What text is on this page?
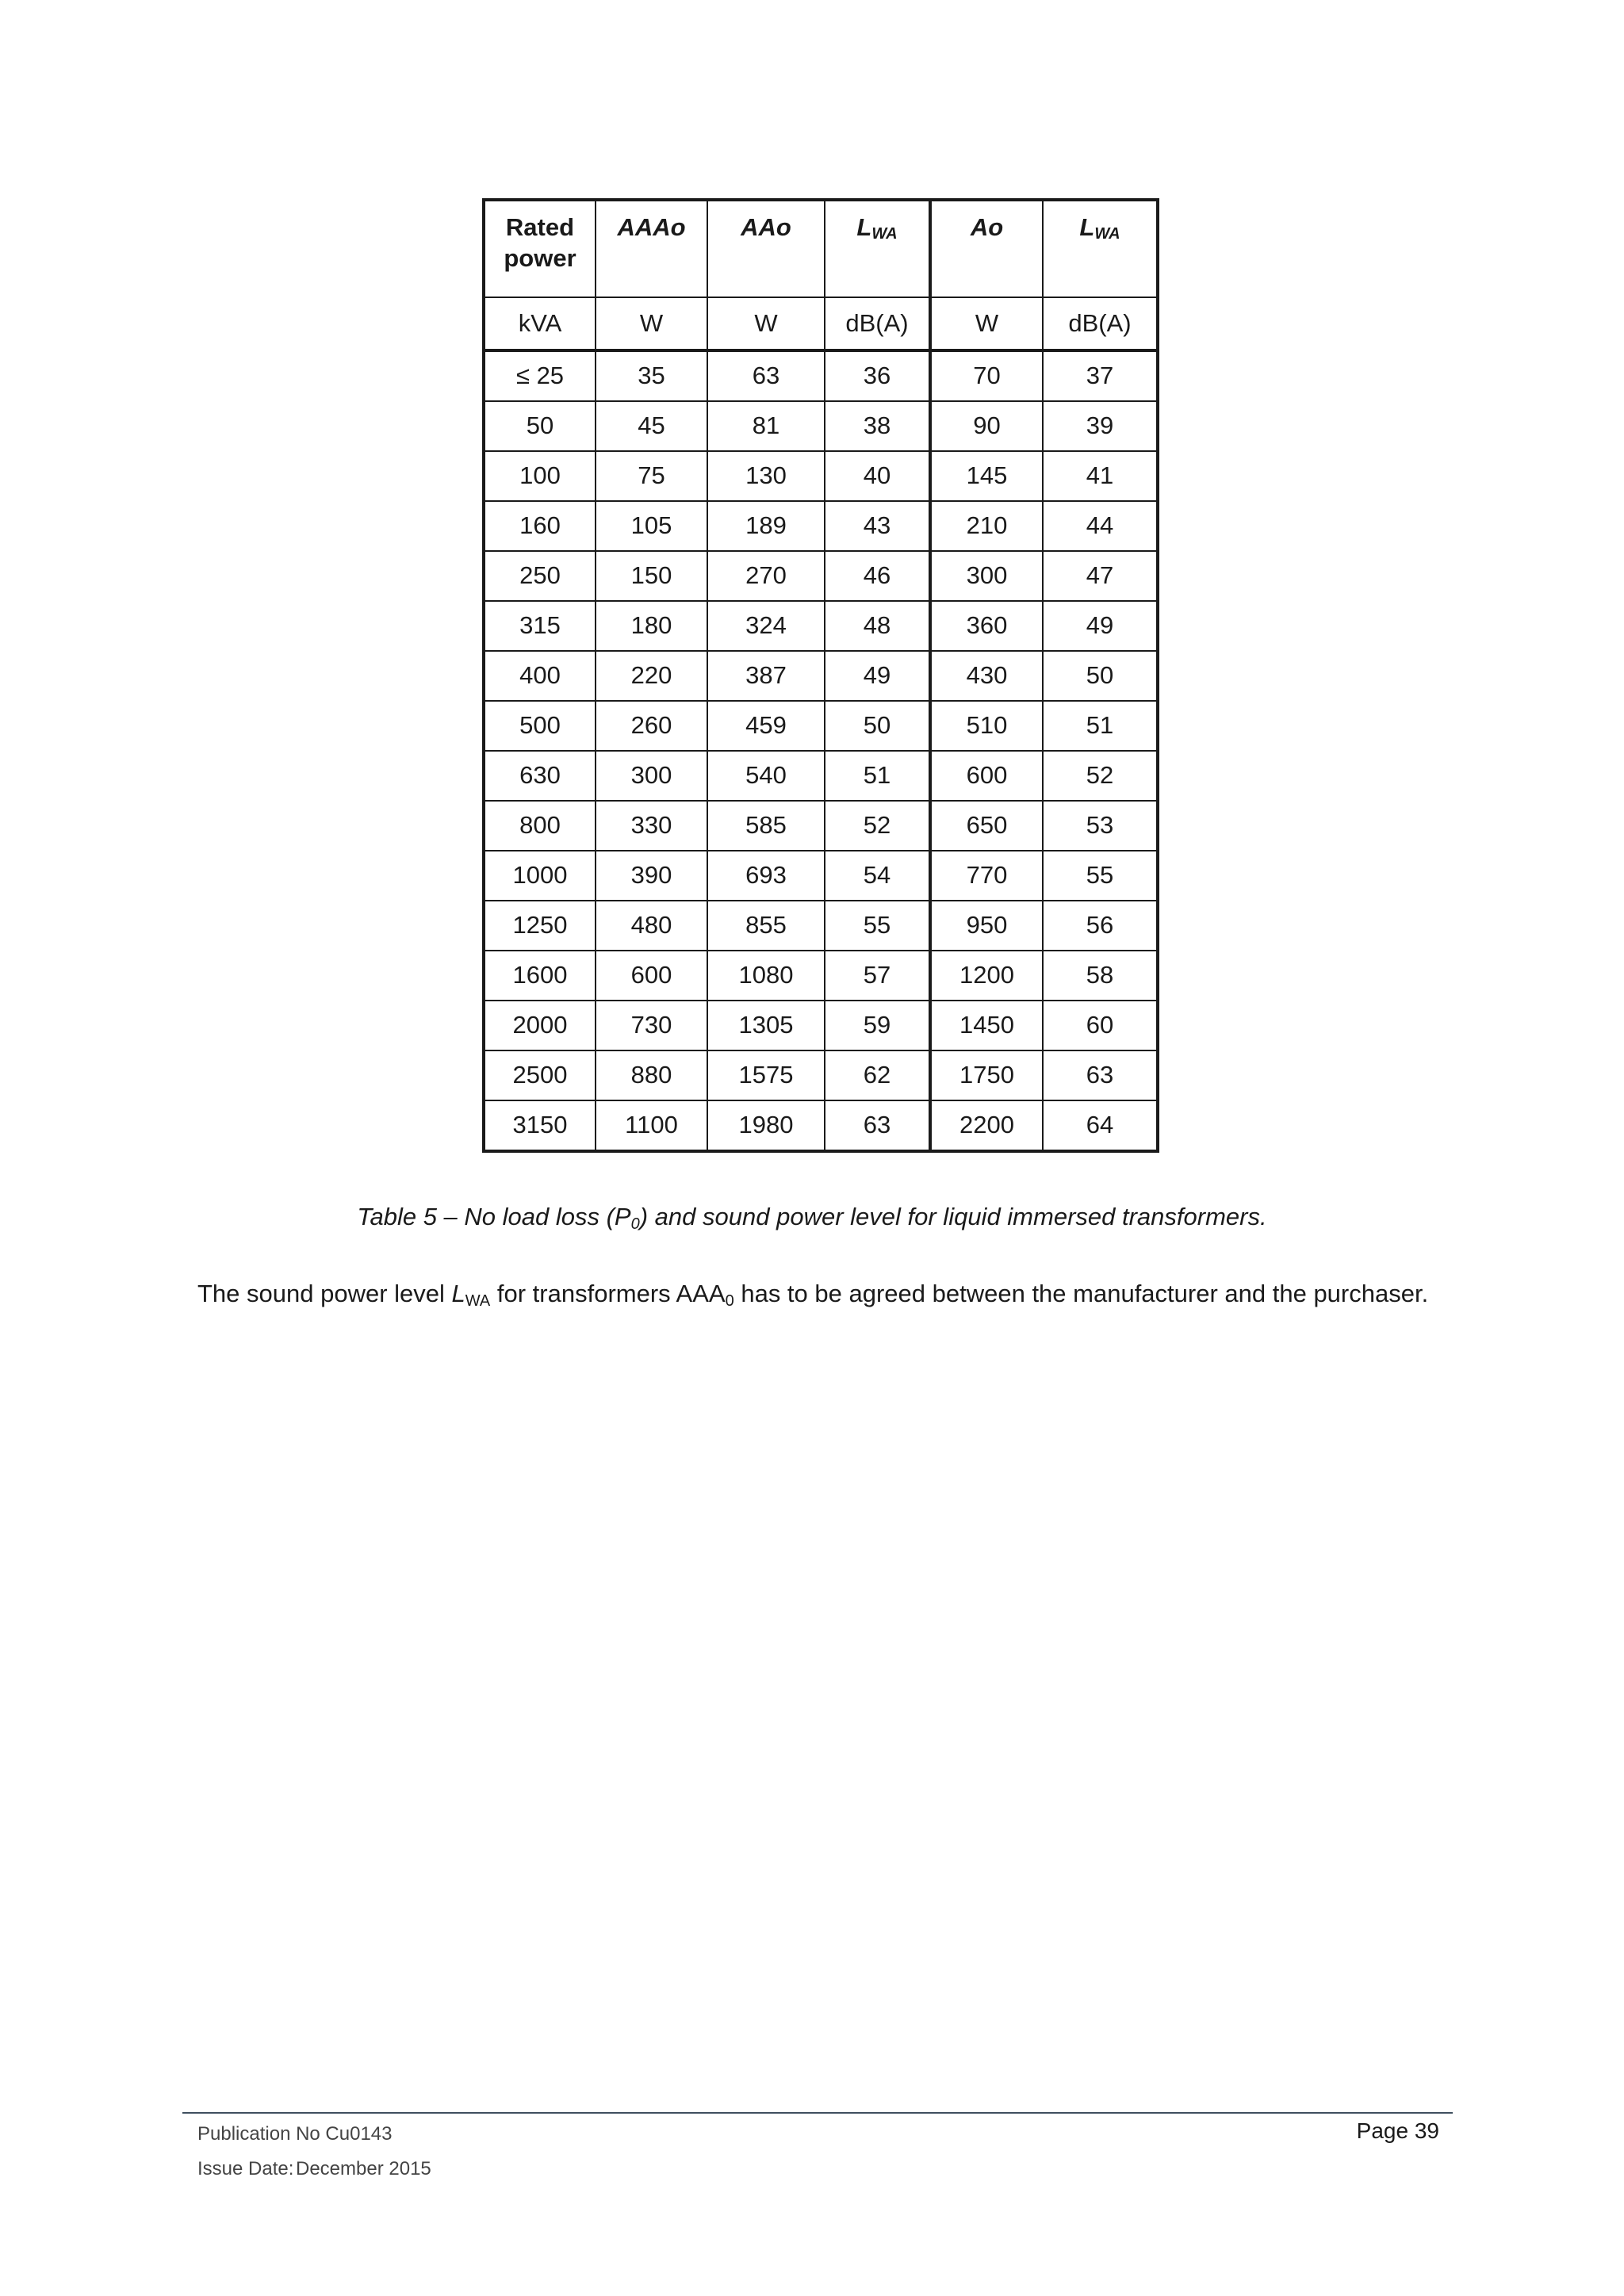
Rated power	AAAo	AAo	LWA	Ao	LWA
kVA	W	W	dB(A)	W	dB(A)
≤ 25	35	63	36	70	37
50	45	81	38	90	39
100	75	130	40	145	41
160	105	189	43	210	44
250	150	270	46	300	47
315	180	324	48	360	49
400	220	387	49	430	50
500	260	459	50	510	51
630	300	540	51	600	52
800	330	585	52	650	53
1000	390	693	54	770	55
1250	480	855	55	950	56
1600	600	1080	57	1200	58
2000	730	1305	59	1450	60
2500	880	1575	62	1750	63
3150	1100	1980	63	2200	64
Table 5 – No load loss $(P_0)$ and sound power level for liquid immersed transformers.
The sound power level $L_{WA}$ for transformers $AAA_0$ has to be agreed between the manufacturer and the purchaser.
Publication No Cu0143
Issue Date: December 2015
Page 39
